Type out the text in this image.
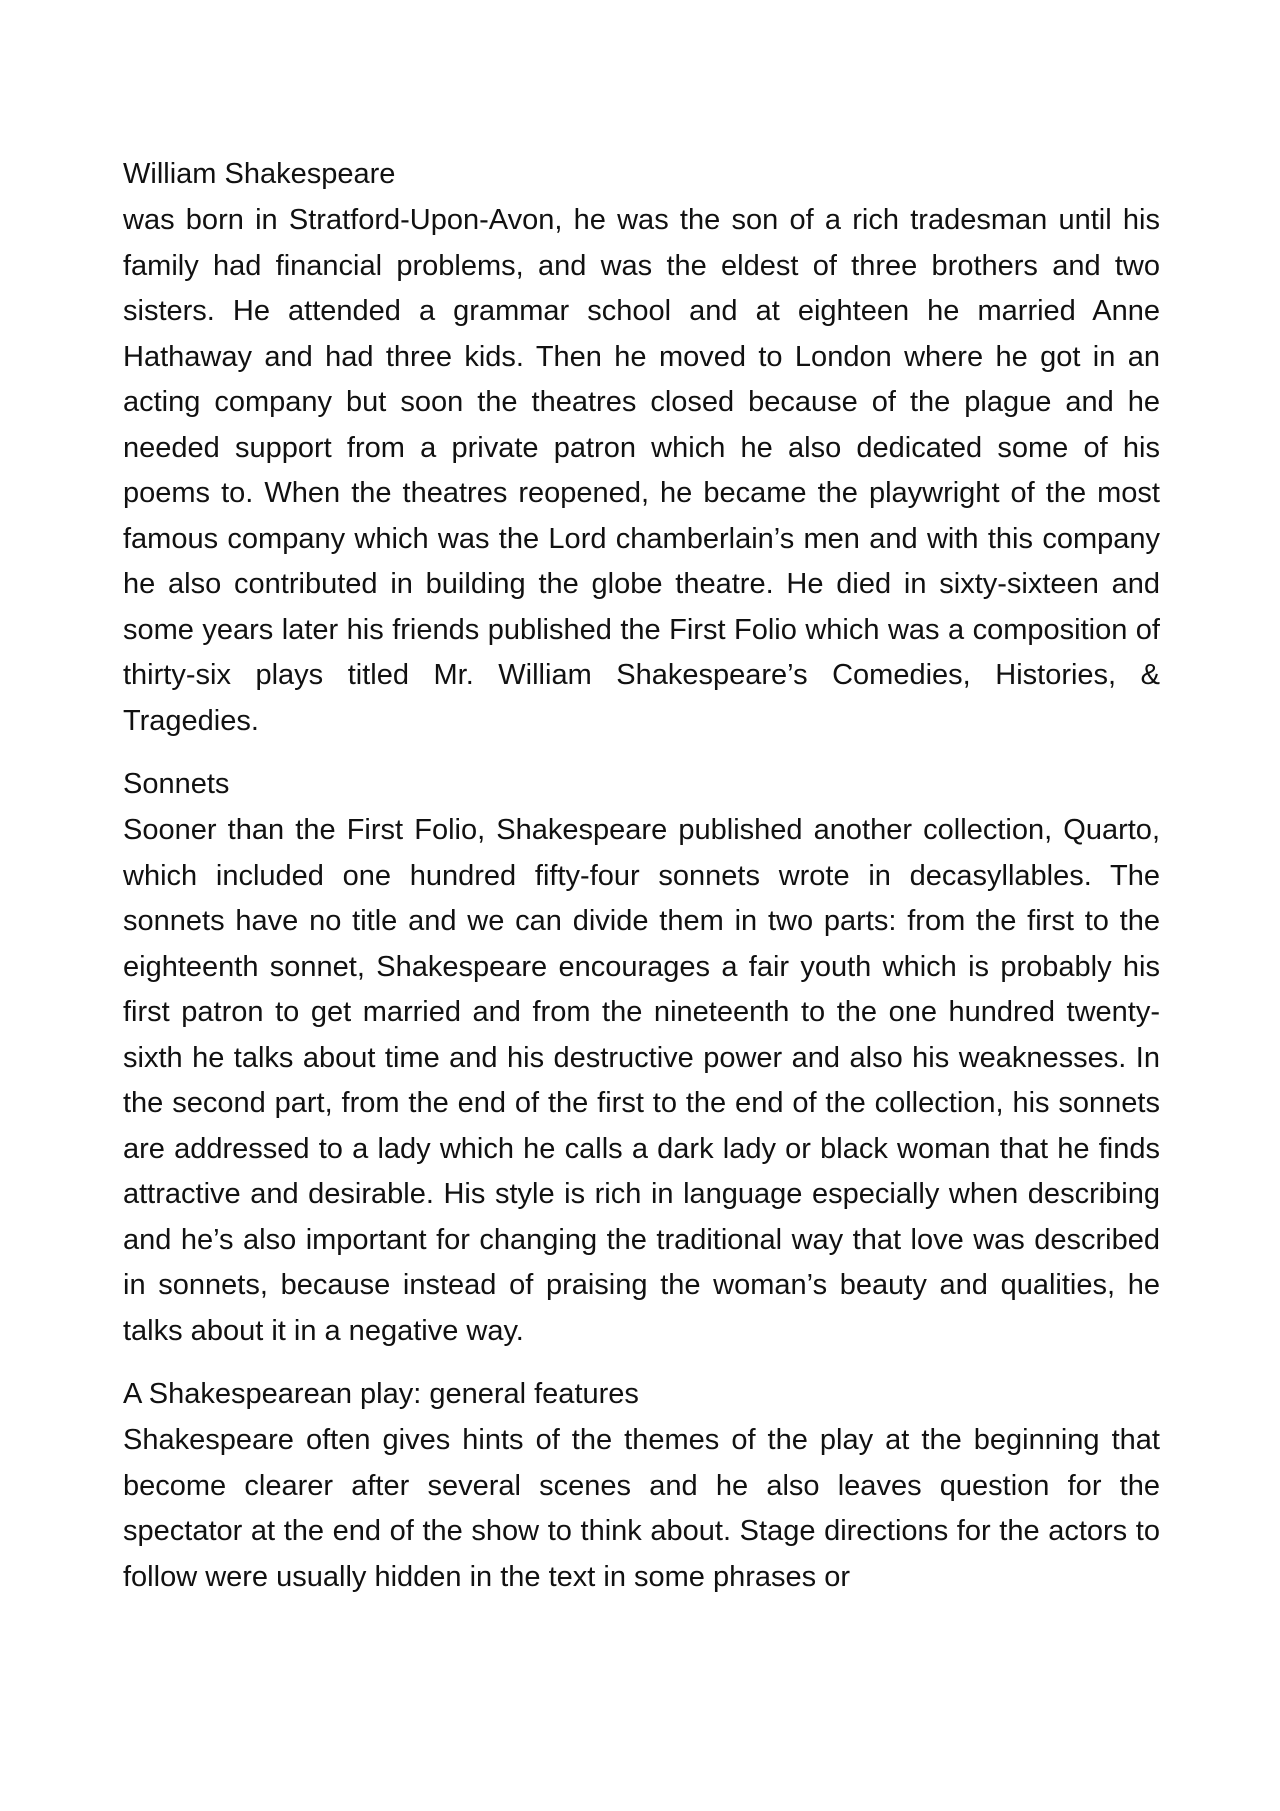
William Shakespeare

was born in Stratford-Upon-Avon, he was the son of a rich tradesman until his family had financial problems, and was the eldest of three brothers and two sisters. He attended a grammar school and at eighteen he married Anne Hathaway and had three kids. Then he moved to London where he got in an acting company but soon the theatres closed because of the plague and he needed support from a private patron which he also dedicated some of his poems to. When the theatres reopened, he became the playwright of the most famous company which was the Lord chamberlain’s men and with this company he also contributed in building the globe theatre. He died in sixty-sixteen and some years later his friends published the First Folio which was a composition of thirty-six plays titled Mr. William Shakespeare’s Comedies, Histories, & Tragedies.

Sonnets

Sooner than the First Folio, Shakespeare published another collection, Quarto, which included one hundred fifty-four sonnets wrote in decasyllables. The sonnets have no title and we can divide them in two parts: from the first to the eighteenth sonnet, Shakespeare encourages a fair youth which is probably his first patron to get married and from the nineteenth to the one hundred twenty-sixth he talks about time and his destructive power and also his weaknesses. In the second part, from the end of the first to the end of the collection, his sonnets are addressed to a lady which he calls a dark lady or black woman that he finds attractive and desirable. His style is rich in language especially when describing and he’s also important for changing the traditional way that love was described in sonnets, because instead of praising the woman’s beauty and qualities, he talks about it in a negative way.

A Shakespearean play: general features

Shakespeare often gives hints of the themes of the play at the beginning that become clearer after several scenes and he also leaves question for the spectator at the end of the show to think about. Stage directions for the actors to follow were usually hidden in the text in some phrases or
